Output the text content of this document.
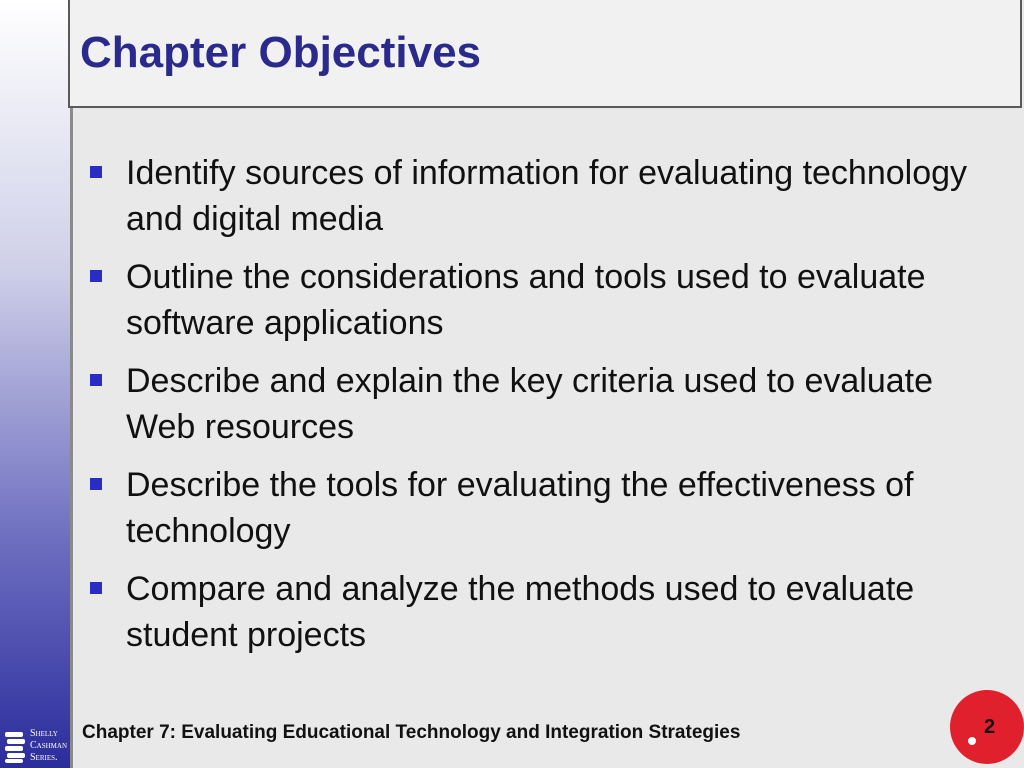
Chapter Objectives
Identify sources of information for evaluating technology and digital media
Outline the considerations and tools used to evaluate software applications
Describe and explain the key criteria used to evaluate Web resources
Describe the tools for evaluating the effectiveness of technology
Compare and analyze the methods used to evaluate student projects
Chapter 7: Evaluating Educational Technology and Integration Strategies	2
Shelly
Cashman
Series.
